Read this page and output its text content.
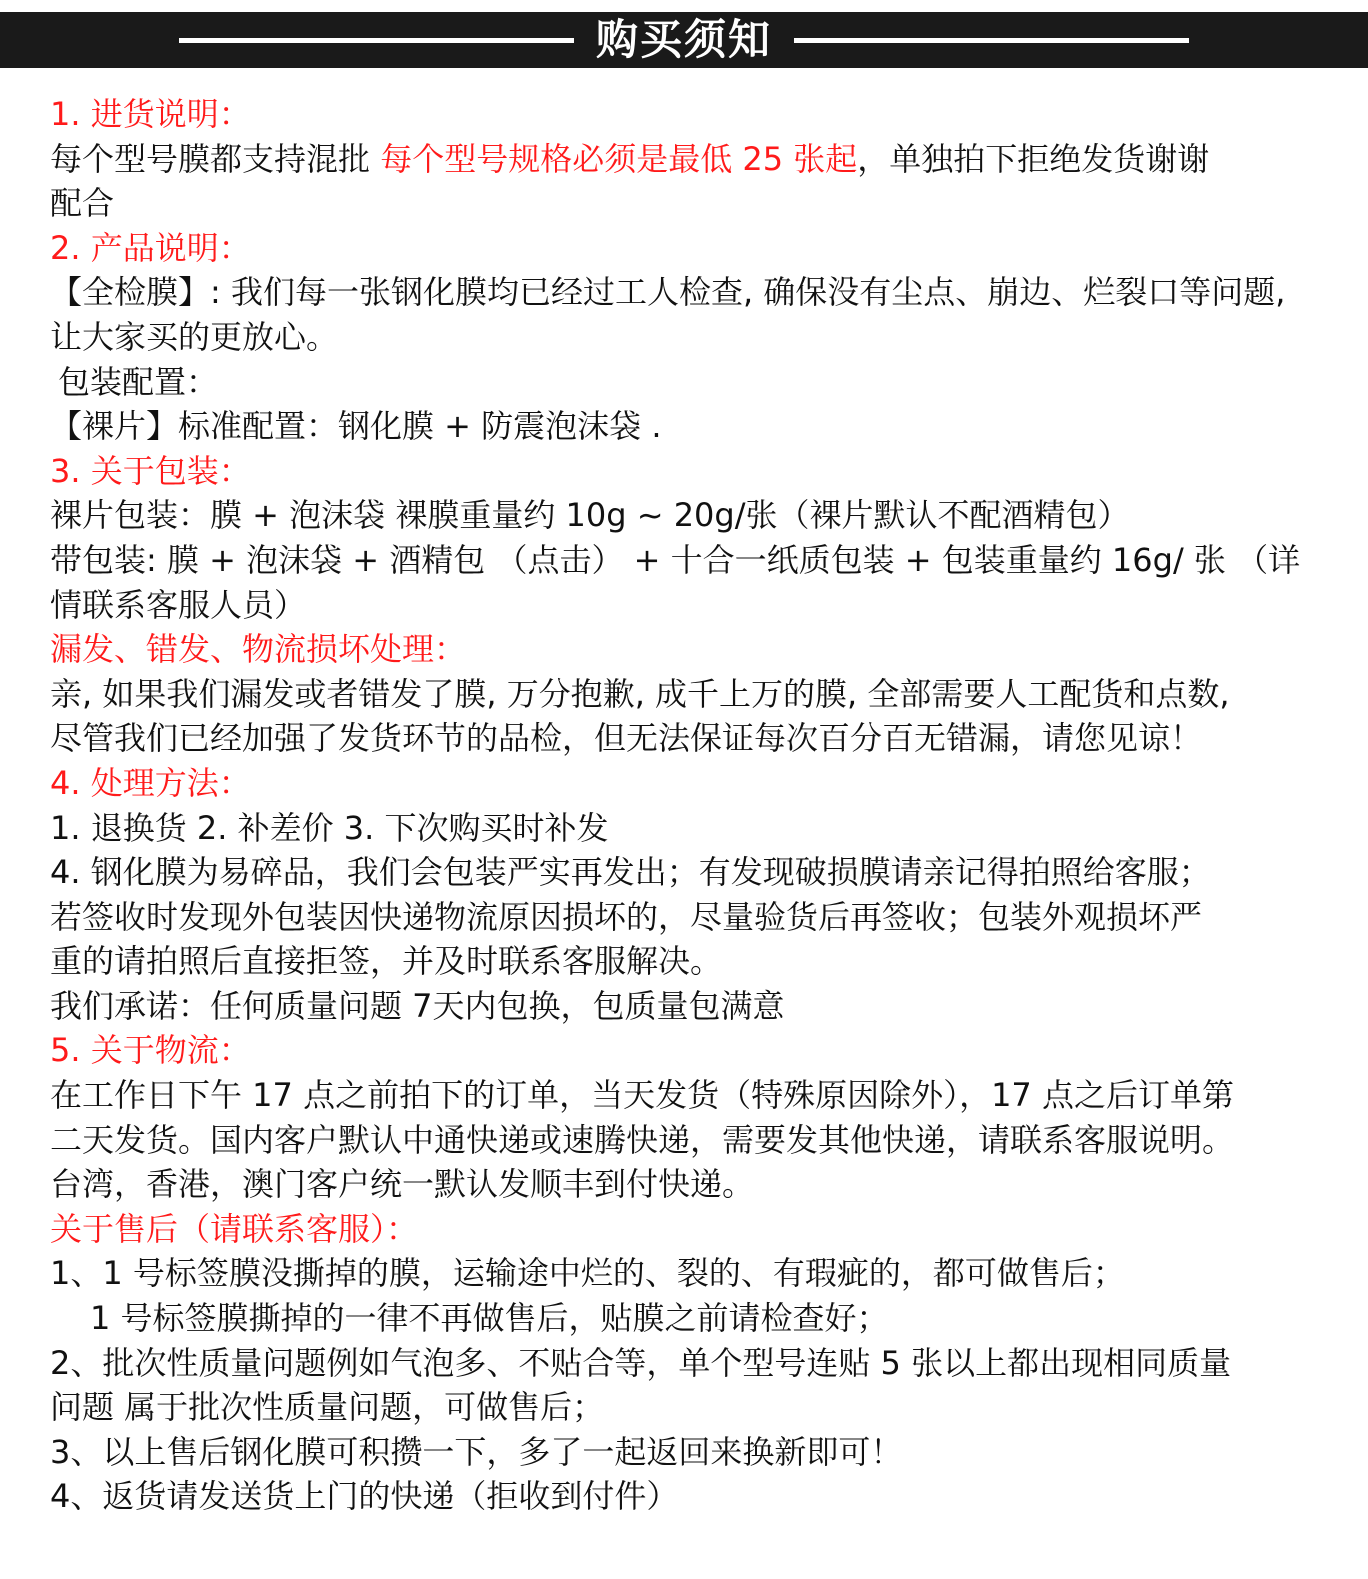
购买须知
1. 进货说明：
每个型号膜都支持混批 每个型号规格必须是最低 25 张起，单独拍下拒绝发货谢谢
配合
2. 产品说明：
【全检膜】: 我们每一张钢化膜均已经过工人检查, 确保没有尘点、崩边、烂裂口等问题,
让大家买的更放心。
包装配置：
【裸片】标准配置：钢化膜 + 防震泡沫袋 .
3. 关于包装：
裸片包装：膜 + 泡沫袋 裸膜重量约 10g ~ 20g/张（裸片默认不配酒精包）
带包装: 膜 + 泡沫袋 + 酒精包 （点击） + 十合一纸质包装 + 包装重量约 16g/ 张 （详
情联系客服人员）
漏发、错发、物流损坏处理：
亲, 如果我们漏发或者错发了膜, 万分抱歉, 成千上万的膜, 全部需要人工配货和点数,
尽管我们已经加强了发货环节的品检，但无法保证每次百分百无错漏，请您见谅！
4. 处理方法：
1. 退换货 2. 补差价 3. 下次购买时补发
4. 钢化膜为易碎品，我们会包装严实再发出；有发现破损膜请亲记得拍照给客服；
若签收时发现外包装因快递物流原因损坏的，尽量验货后再签收；包装外观损坏严
重的请拍照后直接拒签，并及时联系客服解决。
我们承诺：任何质量问题 7天内包换，包质量包满意
5. 关于物流：
在工作日下午 17 点之前拍下的订单，当天发货（特殊原因除外），17 点之后订单第
二天发货。国内客户默认中通快递或速腾快递，需要发其他快递，请联系客服说明。
台湾，香港，澳门客户统一默认发顺丰到付快递。
关于售后（请联系客服）：
1、1 号标签膜没撕掉的膜，运输途中烂的、裂的、有瑕疵的，都可做售后；
1 号标签膜撕掉的一律不再做售后，贴膜之前请检查好；
2、批次性质量问题例如气泡多、不贴合等，单个型号连贴 5 张以上都出现相同质量
问题 属于批次性质量问题，可做售后；
3、以上售后钢化膜可积攒一下，多了一起返回来换新即可！
4、返货请发送货上门的快递（拒收到付件）
